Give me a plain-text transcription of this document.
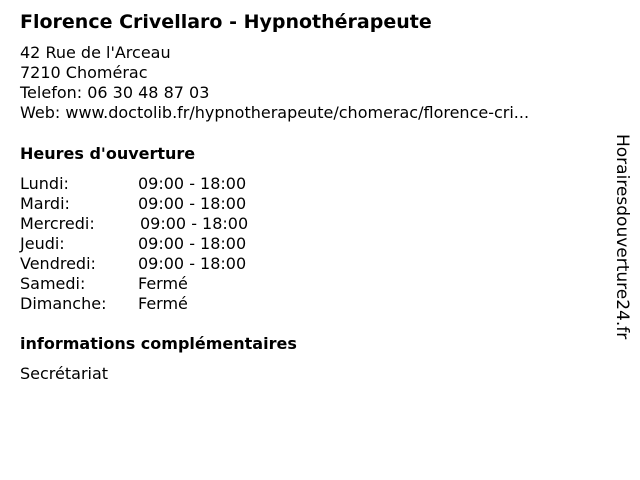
Florence Crivellaro - Hypnothérapeute
42 Rue de l'Arceau
7210 Chomérac
Telefon: 06 30 48 87 03
Web: www.doctolib.fr/hypnotherapeute/chomerac/florence-cri...
Heures d'ouverture
Lundi:	09:00 - 18:00
Mardi:	09:00 - 18:00
Mercredi:	09:00 - 18:00
Jeudi:	09:00 - 18:00
Vendredi:	09:00 - 18:00
Samedi:	Fermé
Dimanche: Fermé
informations complémentaires
Secrétariat
Horairesdouverture24.fr
